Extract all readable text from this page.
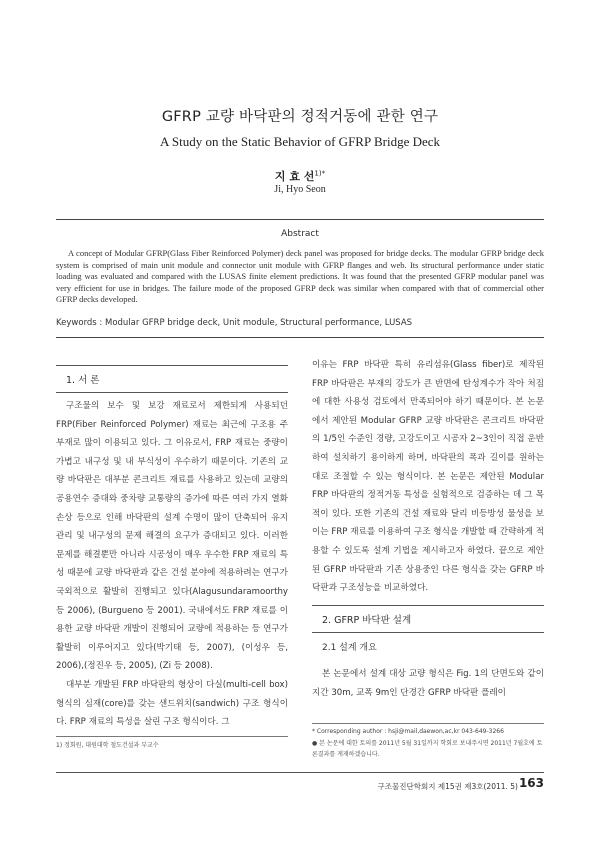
GFRP 교량 바닥판의 정적거동에 관한 연구
A Study on the Static Behavior of GFRP Bridge Deck
지 효 선$^{1)*}$
Ji, Hyo Seon
Abstract
A concept of Modular GFRP(Glass Fiber Reinforced Polymer) deck panel was proposed for bridge decks. The modular GFRP bridge deck system is comprised of main unit module and connector unit module with GFRP flanges and web. Its structural performance under static loading was evaluated and compared with the LUSAS finite element predictions. It was found that the presented GFRP modular panel was very efficient for use in bridges. The failure mode of the proposed GFRP deck was similar when compared with that of commercial other GFRP decks developed.
Keywords : Modular GFRP bridge deck, Unit module, Structural performance, LUSAS
1. 서 론

구조물의 보수 및 보강 재료로서 제한되게 사용되던 FRP(Fiber Reinforced Polymer) 재료는 최근에 구조용 주 부재로 많이 이용되고 있다. 그 이유로서, FRP 재료는 중량이 가볍고 내구성 및 내 부식성이 우수하기 때문이다. 기존의 교량 바닥판은 대부분 콘크리트 재료를 사용하고 있는데 교량의 공용연수 증대와 중차량 교통량의 증가에 따른 여러 가지 열화손상 등으로 인해 바닥판의 설계 수명이 많이 단축되어 유지 관리 및 내구성의 문제 해결의 요구가 증대되고 있다. 이러한 문제를 해결뿐만 아니라 시공성이 매우 우수한 FRP 재료의 특성 때문에 교량 바닥판과 같은 건설 분야에 적용하려는 연구가 국외적으로 활발히 진행되고 있다(Alagusundaramoorthy 등 2006), (Burgueno 등 2001). 국내에서도 FRP 재료를 이용한 교량 바닥판 개발이 진행되어 교량에 적용하는 등 연구가 활발히 이루어지고 있다(박기태 등, 2007), (이성우 등, 2006),(정진우 등, 2005), (Zi 등 2008).

대부분 개발된 FRP 바닥판의 형상이 다실(multi-cell box) 형식의 심재(core)를 갖는 샌드위치(sandwich) 구조 형식이다. FRP 재료의 특성을 살린 구조 형식이다. 그

1) 정회원, 대원대학 철도건설과 부교수

이유는 FRP 바닥판 특히 유리섬유(Glass fiber)로 제작된 FRP 바닥판은 부재의 강도가 큰 반면에 탄성계수가 작아 처짐에 대한 사용성 검토에서 만족되어야 하기 때문이다. 본 논문에서 제안된 Modular GFRP 교량 바닥판은 콘크리트 바닥판의 1/5인 수준인 경량, 고강도이고 시공자 2~3인이 직접 운반하여 설치하기 용이하게 하며, 바닥판의 폭과 길이를 원하는 대로 조절할 수 있는 형식이다. 본 논문은 제안된 Modular FRP 바닥판의 정적거동 특성을 실험적으로 검증하는 데 그 목적이 있다. 또한 기존의 건설 재료와 달리 비등방성 물성을 보이는 FRP 재료를 이용하여 구조 형식을 개발할 때 간략하게 적용할 수 있도록 설계 기법을 제시하고자 하였다. 끝으로 제안된 GFRP 바닥판과 기존 상용중인 다른 형식을 갖는 GFRP 바닥판과 구조성능을 비교하였다.

2. GFRP 바닥판 설계
2.1 설계 개요

본 논문에서 설계 대상 교량 형식은 Fig. 1의 단면도와 같이 지간 30m, 교폭 9m인 단경간 GFRP 바닥판 플레이

* Corresponding author : hsji@mail,daewon,ac,kr 043-649-3266
● 본 논문에 대한 토의를 2011년 5월 31일까지 학회로 보내주시면 2011년 7월호에 토론결과를 게재하겠습니다.
구조물진단학회지 제15권 제3호(2011. 5) 163
